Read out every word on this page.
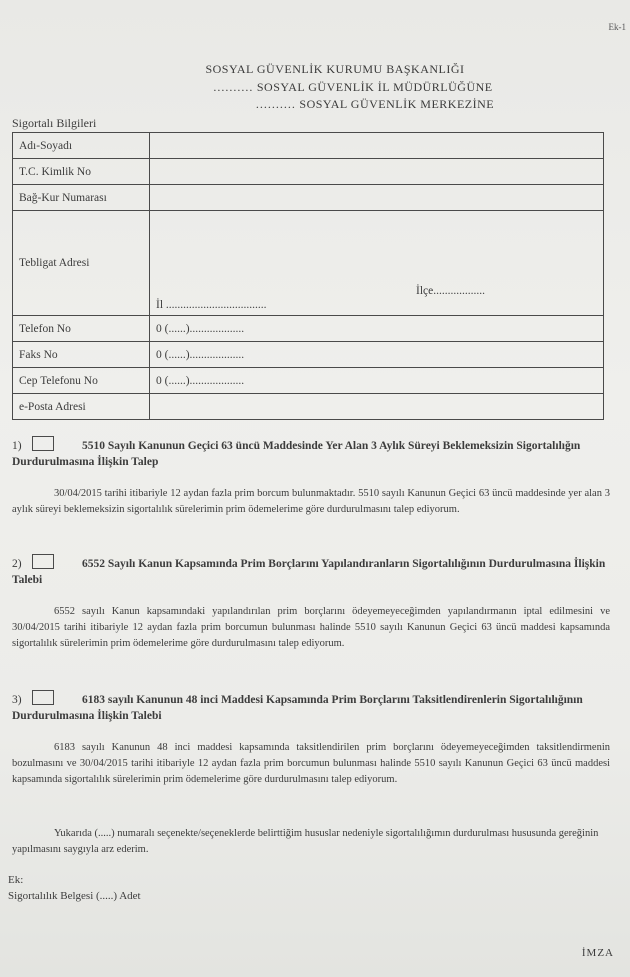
Ek-1
SOSYAL GÜVENLİK KURUMU BAŞKANLIĞI
.......... SOSYAL GÜVENLİK İL MÜDÜRLÜĞÜNE
.......... SOSYAL GÜVENLİK MERKEZİNE
Sigortalı Bilgileri
Adı-Soyadı	
T.C. Kimlik No	
Bağ-Kur Numarası	
Tebligat Adresi	İlçe..................
İl ...................................

Telefon No	0 (......)...................
Faks No	0 (......)...................
Cep Telefonu No	0 (......)...................
e-Posta Adresi	
1)	5510 Sayılı Kanunun Geçici 63 üncü Maddesinde Yer Alan 3 Aylık Süreyi Beklemeksizin Sigortalılığın Durdurulmasına İlişkin Talep
30/04/2015 tarihi itibariyle 12 aydan fazla prim borcum bulunmaktadır. 5510 sayılı Kanunun Geçici 63 üncü maddesinde yer alan 3 aylık süreyi beklemeksizin sigortalılık sürelerimin prim ödemelerime göre durdurulmasını talep ediyorum.
2)	6552 Sayılı Kanun Kapsamında Prim Borçlarını Yapılandıranların Sigortalılığının Durdurulmasına İlişkin Talebi
6552 sayılı Kanun kapsamındaki yapılandırılan prim borçlarını ödeyemeyeceğimden yapılandırmanın iptal edilmesini ve 30/04/2015 tarihi itibariyle 12 aydan fazla prim borcumun bulunması halinde 5510 sayılı Kanunun Geçici 63 üncü maddesi kapsamında sigortalılık sürelerimin prim ödemelerime göre durdurulmasını talep ediyorum.
3)	6183 sayılı Kanunun 48 inci Maddesi Kapsamında Prim Borçlarını Taksitlendirenlerin Sigortalılığının Durdurulmasına İlişkin Talebi
6183 sayılı Kanunun 48 inci maddesi kapsamında taksitlendirilen prim borçlarını ödeyemeyeceğimden taksitlendirmenin bozulmasını ve 30/04/2015 tarihi itibariyle 12 aydan fazla prim borcumun bulunması halinde 5510 sayılı Kanunun Geçici 63 üncü maddesi kapsamında sigortalılık sürelerimin prim ödemelerime göre durdurulmasını talep ediyorum.
Yukarıda (.....) numaralı seçenekte/seçeneklerde belirttiğim hususlar nedeniyle sigortalılığımın durdurulması hususunda gereğinin yapılmasını saygıyla arz ederim.
Ek:
Sigortalılık Belgesi (.....) Adet
İMZA
